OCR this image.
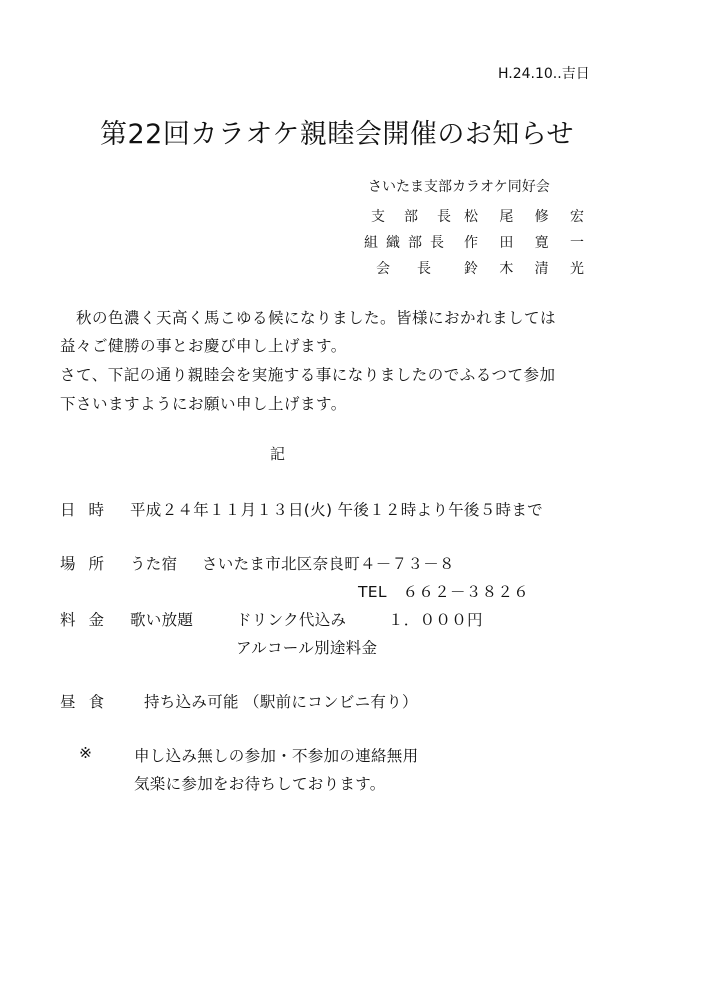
H.24.10..吉日
第22回カラオケ親睦会開催のお知らせ
さいたま支部カラオケ同好会
支部長 松尾修宏
組織部長 作田寛一
会長 鈴木清光
秋の色濃く天高く馬こゆる候になりました。皆様におかれましては
益々ご健勝の事とお慶び申し上げます。
さて、下記の通り親睦会を実施する事になりましたのでふるつて参加
下さいますようにお願い申し上げます。
記
日時 平成２４年１１月１３日(火) 午後１２時より午後５時まで
場所 うた宿 さいたま市北区奈良町４－７３－８
TEL　６６２－３８２６
料金 歌い放題	ドリンク代込み	１．０００円
アルコール別途料金
昼食	持ち込み可能 （駅前にコンビニ有り）
※	申し込み無しの参加・不参加の連絡無用
気楽に参加をお待ちしております。
